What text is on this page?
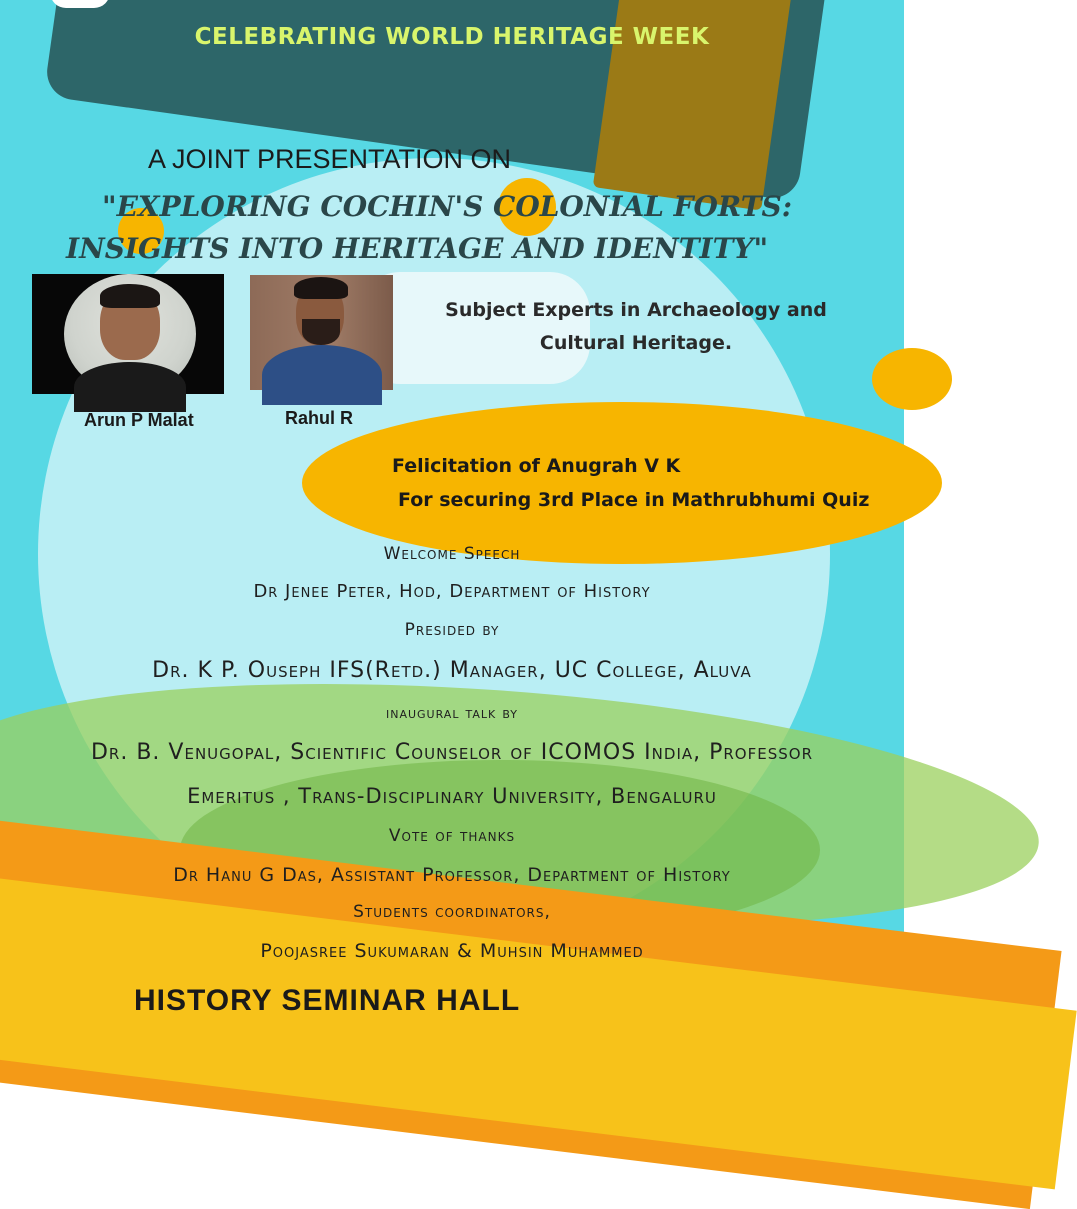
CELEBRATING WORLD HERITAGE WEEK
A JOINT PRESENTATION ON
"EXPLORING COCHIN'S COLONIAL FORTS:
INSIGHTS INTO HERITAGE AND IDENTITY"
Arun P Malat	Rahul R
Subject Experts in Archaeology and Cultural Heritage.
Felicitation of Anugrah V K
For securing 3rd Place in Mathrubhumi Quiz
Welcome Speech
Dr Jenee Peter, Hod, Department of History
Presided by
Dr. K P. Ouseph IFS(Retd.) Manager, UC College, Aluva
inaugural talk by
Dr. B. Venugopal, Scientific Counselor of ICOMOS India, Professor
Emeritus , Trans-Disciplinary University, Bengaluru
Vote of thanks
Dr Hanu G Das, Assistant Professor, Department of History
Students coordinators,
Poojasree Sukumaran & Muhsin Muhammed
HISTORY SEMINAR HALL
